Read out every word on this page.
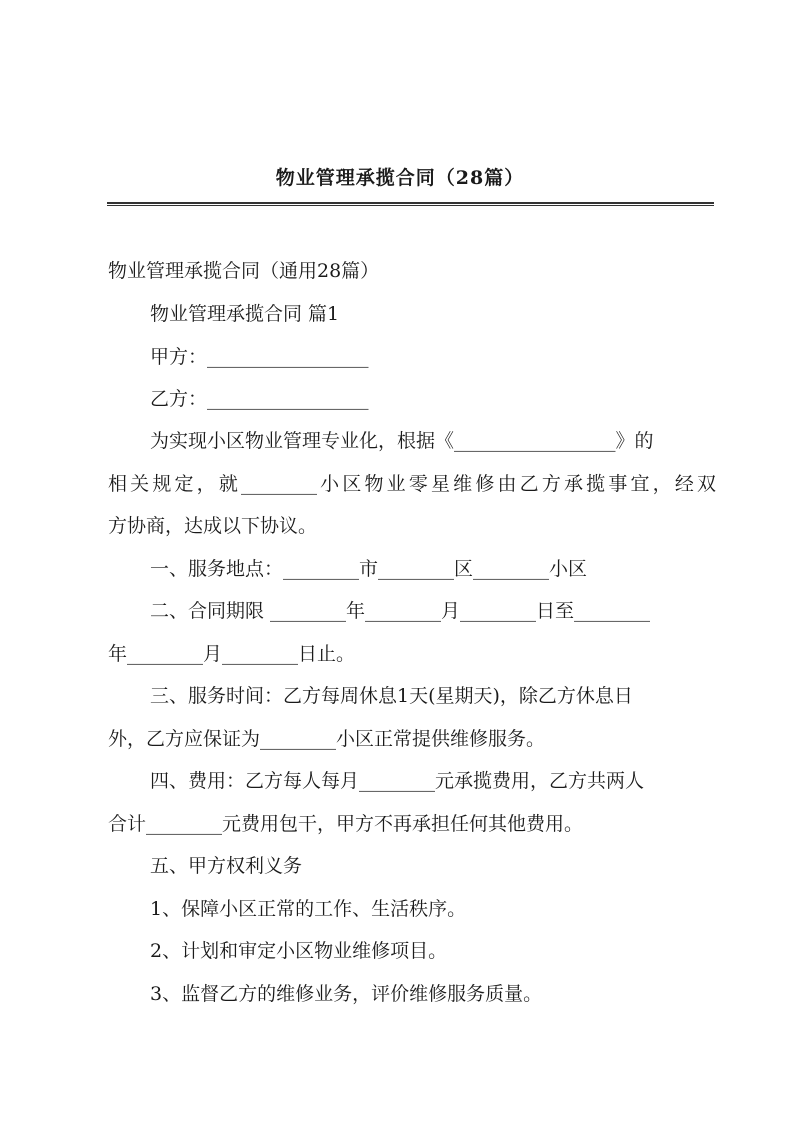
物业管理承揽合同（28篇）

物业管理承揽合同（通用28篇）

物业管理承揽合同 篇1

甲方：_________________

乙方：_________________

为实现小区物业管理专业化，根据《_________________》的

相关规定，就________小区物业零星维修由乙方承揽事宜，经双

方协商，达成以下协议。

一、服务地点：________市________区________小区

二、合同期限 ________年________月________日至________

年________月________日止。

三、服务时间：乙方每周休息1天(星期天)，除乙方休息日

外，乙方应保证为________小区正常提供维修服务。

四、费用：乙方每人每月________元承揽费用，乙方共两人

合计________元费用包干，甲方不再承担任何其他费用。

五、甲方权利义务

1、保障小区正常的工作、生活秩序。

2、计划和审定小区物业维修项目。

3、监督乙方的维修业务，评价维修服务质量。
